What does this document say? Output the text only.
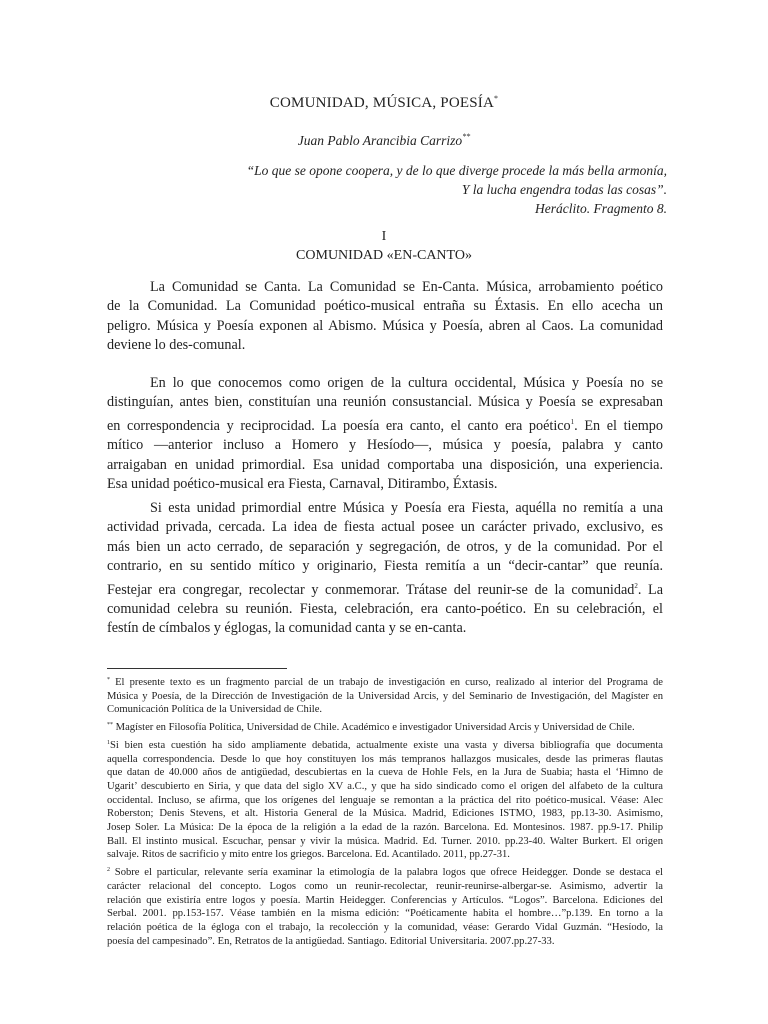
COMUNIDAD, MÚSICA, POESÍA*
Juan Pablo Arancibia Carrizo**
“Lo que se opone coopera, y de lo que diverge procede la más bella armonía,
Y la lucha engendra todas las cosas”.
Heráclito. Fragmento 8.
I
COMUNIDAD «EN-CANTO»
La Comunidad se Canta. La Comunidad se En-Canta. Música, arrobamiento poético
de la Comunidad. La Comunidad poético-musical entraña su Éxtasis. En ello acecha un
peligro. Música y Poesía exponen al Abismo. Música y Poesía, abren al Caos. La comunidad
deviene lo des-comunal.
En lo que conocemos como origen de la cultura occidental, Música y Poesía no se
distinguían, antes bien, constituían una reunión consustancial. Música y Poesía se expresaban
en correspondencia y reciprocidad. La poesía era canto, el canto era poético$^1$. En el tiempo
mítico —anterior incluso a Homero y Hesíodo—, música y poesía, palabra y canto
arraigaban en unidad primordial. Esa unidad comportaba una disposición, una experiencia.
Esa unidad poético-musical era Fiesta, Carnaval, Ditirambo, Éxtasis.
Si esta unidad primordial entre Música y Poesía era Fiesta, aquélla no remitía a una
actividad privada, cercada. La idea de fiesta actual posee un carácter privado, exclusivo, es
más bien un acto cerrado, de separación y segregación, de otros, y de la comunidad. Por el
contrario, en su sentido mítico y originario, Fiesta remitía a un “decir-cantar” que reunía.
Festejar era congregar, recolectar y conmemorar. Trátase del reunir-se de la comunidad$^2$. La
comunidad celebra su reunión. Fiesta, celebración, era canto-poético. En su celebración, el
festín de címbalos y églogas, la comunidad canta y se en-canta.
* El presente texto es un fragmento parcial de un trabajo de investigación en curso, realizado al interior del Programa de
Música y Poesía, de la Dirección de Investigación de la Universidad Arcis, y del Seminario de Investigación, del Magíster en
Comunicación Política de la Universidad de Chile.
** Magíster en Filosofía Política, Universidad de Chile. Académico e investigador Universidad Arcis y Universidad de Chile.
$^1$Si bien esta cuestión ha sido ampliamente debatida, actualmente existe una vasta y diversa bibliografía que documenta
aquella correspondencia. Desde lo que hoy constituyen los más tempranos hallazgos musicales, desde las primeras flautas
que datan de 40.000 años de antigüedad, descubiertas en la cueva de Hohle Fels, en la Jura de Suabia; hasta el ‘Himno de
Ugarit’ descubierto en Siria, y que data del siglo XV a.C., y que ha sido sindicado como el origen del alfabeto de la cultura
occidental. Incluso, se afirma, que los orígenes del lenguaje se remontan a la práctica del rito poético-musical. Véase: Alec
Roberston; Denis Stevens, et alt. Historia General de la Música. Madrid, Ediciones ISTMO, 1983, pp.13-30. Asimismo,
Josep Soler. La Música: De la época de la religión a la edad de la razón. Barcelona. Ed. Montesinos. 1987. pp.9-17. Philip
Ball. El instinto musical. Escuchar, pensar y vivir la música. Madrid. Ed. Turner. 2010. pp.23-40. Walter Burkert. El origen
salvaje. Ritos de sacrificio y mito entre los griegos. Barcelona. Ed. Acantilado. 2011, pp.27-31.
$^2$ Sobre el particular, relevante sería examinar la etimología de la palabra logos que ofrece Heidegger. Donde se destaca el
carácter relacional del concepto. Logos como un reunir-recolectar, reunir-reunirse-albergar-se. Asimismo, advertir la
relación que existiría entre logos y poesía. Martin Heidegger. Conferencias y Artículos. “Logos”. Barcelona. Ediciones del
Serbal. 2001. pp.153-157. Véase también en la misma edición: “Poéticamente habita el hombre…”p.139. En torno a la
relación poética de la égloga con el trabajo, la recolección y la comunidad, véase: Gerardo Vidal Guzmán. “Hesíodo, la
poesía del campesinado”. En, Retratos de la antigüedad. Santiago. Editorial Universitaria. 2007.pp.27-33.
